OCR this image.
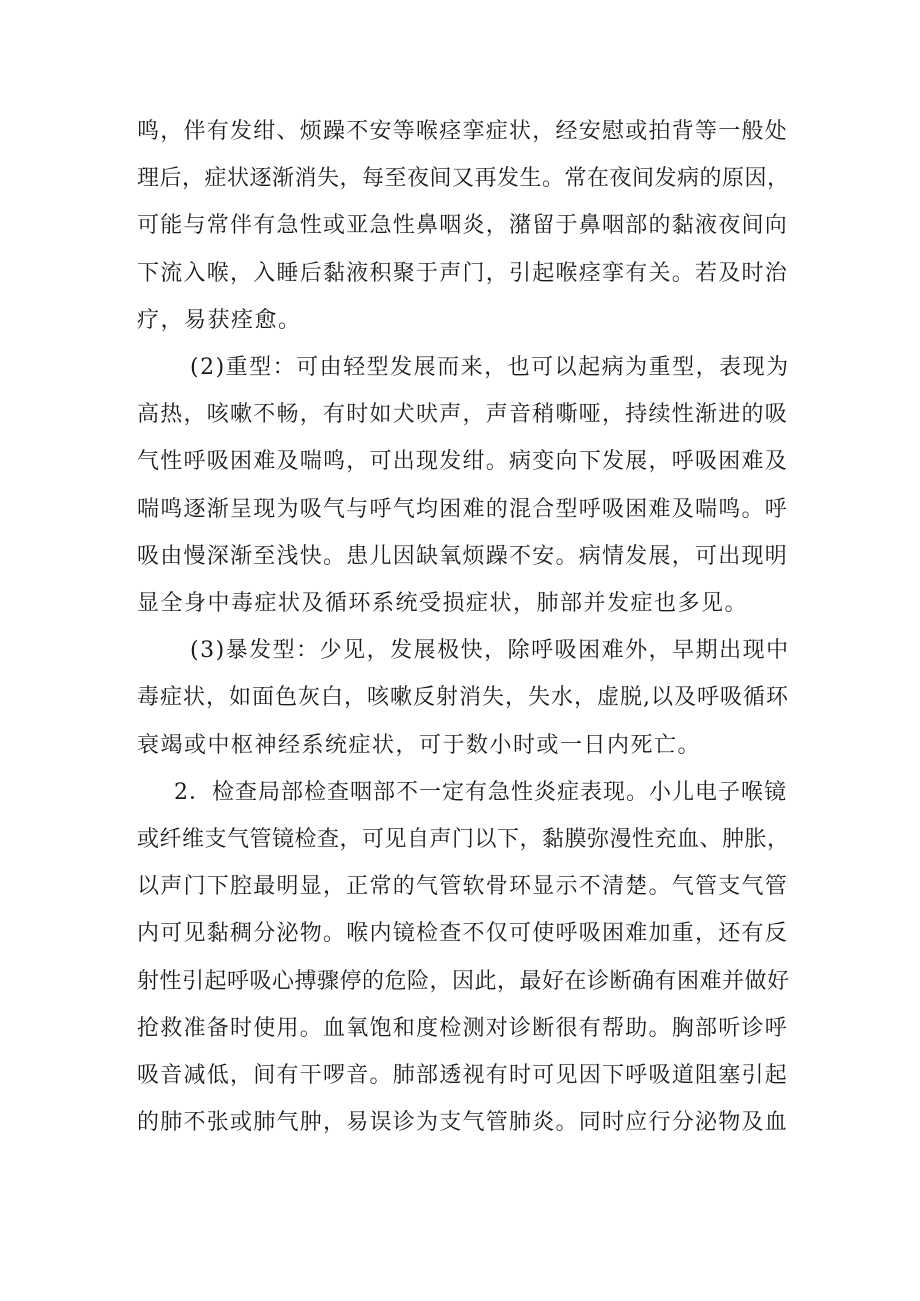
鸣，伴有发绀、烦躁不安等喉痉挛症状，经安慰或拍背等一般处
理后，症状逐渐消失，每至夜间又再发生。常在夜间发病的原因，
可能与常伴有急性或亚急性鼻咽炎，潴留于鼻咽部的黏液夜间向
下流入喉，入睡后黏液积聚于声门，引起喉痉挛有关。若及时治
疗，易获痊愈。
(2)重型：可由轻型发展而来，也可以起病为重型，表现为
高热，咳嗽不畅，有时如犬吠声，声音稍嘶哑，持续性渐进的吸
气性呼吸困难及喘鸣，可出现发绀。病变向下发展，呼吸困难及
喘鸣逐渐呈现为吸气与呼气均困难的混合型呼吸困难及喘鸣。呼
吸由慢深渐至浅快。患儿因缺氧烦躁不安。病情发展，可出现明
显全身中毒症状及循环系统受损症状，肺部并发症也多见。
(3)暴发型：少见，发展极快，除呼吸困难外，早期出现中
毒症状，如面色灰白，咳嗽反射消失，失水，虚脱,以及呼吸循环
衰竭或中枢神经系统症状，可于数小时或一日内死亡。
2．检查局部检查咽部不一定有急性炎症表现。小儿电子喉镜
或纤维支气管镜检查，可见自声门以下，黏膜弥漫性充血、肿胀，
以声门下腔最明显，正常的气管软骨环显示不清楚。气管支气管
内可见黏稠分泌物。喉内镜检查不仅可使呼吸困难加重，还有反
射性引起呼吸心搏骤停的危险，因此，最好在诊断确有困难并做好
抢救准备时使用。血氧饱和度检测对诊断很有帮助。胸部听诊呼
吸音减低，间有干啰音。肺部透视有时可见因下呼吸道阻塞引起
的肺不张或肺气肿，易误诊为支气管肺炎。同时应行分泌物及血
